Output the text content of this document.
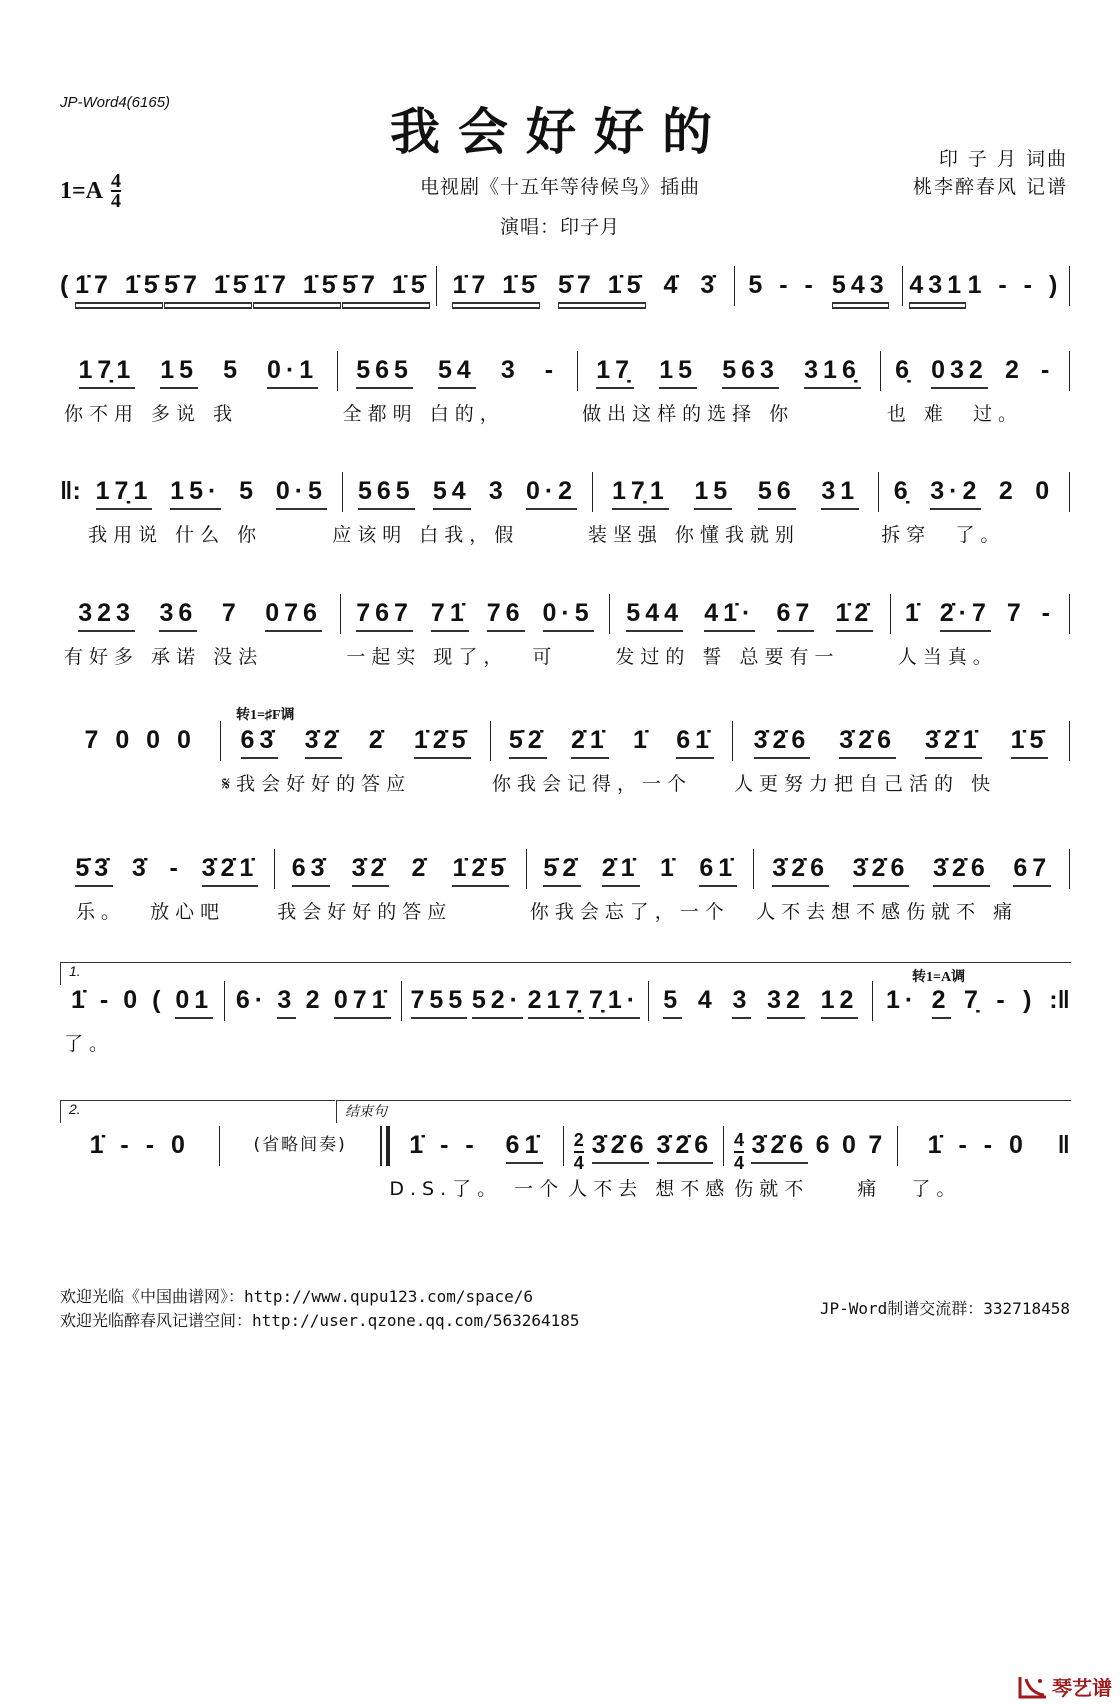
JP-Word4(6165)	我会好好的
$1=A \frac{4}{4}$	电视剧《十五年等待候鸟》插曲
演唱：印子月
印 子 月 词曲
桃李醉春风 记谱
( 1̇7 1̇5̇ 5̇7 1̇5̇ 1̇7 1̇5̇ 5̇7 1̇5̇ 1̇7 1̇5̇ 5̇7 1̇5̇ 4̇ 3̇ 5 - - 543 431 1 - - )
17̣1 15 5 0·1 565 54 3 - 17̣ 15 563 316̣ 6̣ 032 2 -
你不用 多说 我	全都明 白的，	做出这样的选择 你	也 难  过。
‖: 17̣1 15· 5 0·5 565 54 3 0·2 17̣1 15 56 31 6̣ 3·2 2 0
我用说 什么 你	应该明 白我，假	装坚强 你懂我就别	拆穿  了。
323 36 7 076 767 71̇ 76 0·5 544 41̇· 67 1̇2̇ 1̇ 2̇·7 7 -
有好多 承诺 没法	一起实 现了，  可	发过的 誓 总要有一	人当真。
7 0 0 0 63̇ 3̇2̇ 2̇ 1̇2̇5̇ 5̇2̇ 2̇1̇ 1̇ 61̇ 3̇2̇6 3̇2̇6 3̇2̇1̇ 1̇5̇
𝄋我会好好的答应	你我会记得，一个	人更努力把自己活的 快
5̇3̇ 3̇ - 3̇2̇1̇ 63̇ 3̇2̇ 2̇ 1̇2̇5̇ 5̇2̇ 2̇1̇ 1̇ 61̇ 3̇2̇6 3̇2̇6 3̇2̇6 67
乐。  放心吧	我会好好的答应	你我会忘了，一个	人不去想不感伤就不 痛
1̇ - 0 ( 01 6· 3 2 071̇ 755 52· 217̣ 7̣1· 5 4 3 32 12 1· 2 7̣ - ) :‖
了。
1̇ - - 0	(省略间奏) 1̇ - - 61̇ $\frac{2}{4}$ 3̇2̇6 3̇2̇6 $\frac{4}{4}$ 3̇2̇6 6 0 7 1̇ - - 0 ‖
D.S.了。 一个 人不去 想不感 伤就不    痛	了。
转1=♯F调
转1=A调
1.
2.	结束句
欢迎光临《中国曲谱网》：http://www.qupu123.com/space/6
欢迎光临醉春风记谱空间：http://user.qzone.qq.com/563264185
JP-Word制谱交流群：332718458
琴艺谱
